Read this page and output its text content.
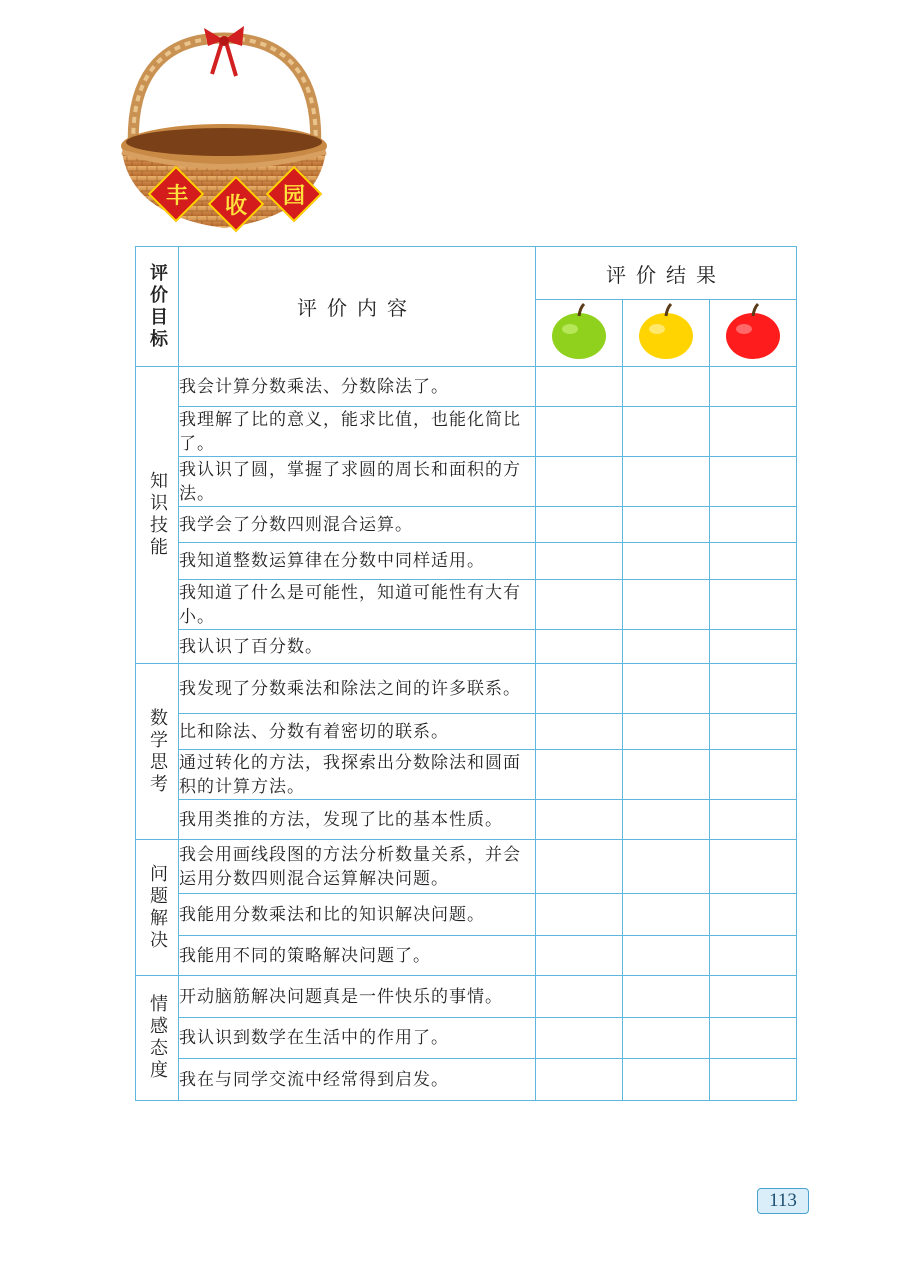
丰 收 园
评价目标	评价内容	评价结果		

知识技能	我会计算分数乘法、分数除法了。			
	我理解了比的意义，能求比值，也能化简比了。			
	我认识了圆，掌握了求圆的周长和面积的方法。			
	我学会了分数四则混合运算。			
	我知道整数运算律在分数中同样适用。			
	我知道了什么是可能性，知道可能性有大有小。			
	我认识了百分数。			
数学思考	我发现了分数乘法和除法之间的许多联系。			
	比和除法、分数有着密切的联系。			
	通过转化的方法，我探索出分数除法和圆面积的计算方法。			
	我用类推的方法，发现了比的基本性质。			
问题解决	我会用画线段图的方法分析数量关系，并会运用分数四则混合运算解决问题。			
	我能用分数乘法和比的知识解决问题。			
	我能用不同的策略解决问题了。			
情感态度	开动脑筋解决问题真是一件快乐的事情。			
	我认识到数学在生活中的作用了。			
	我在与同学交流中经常得到启发。			
113
